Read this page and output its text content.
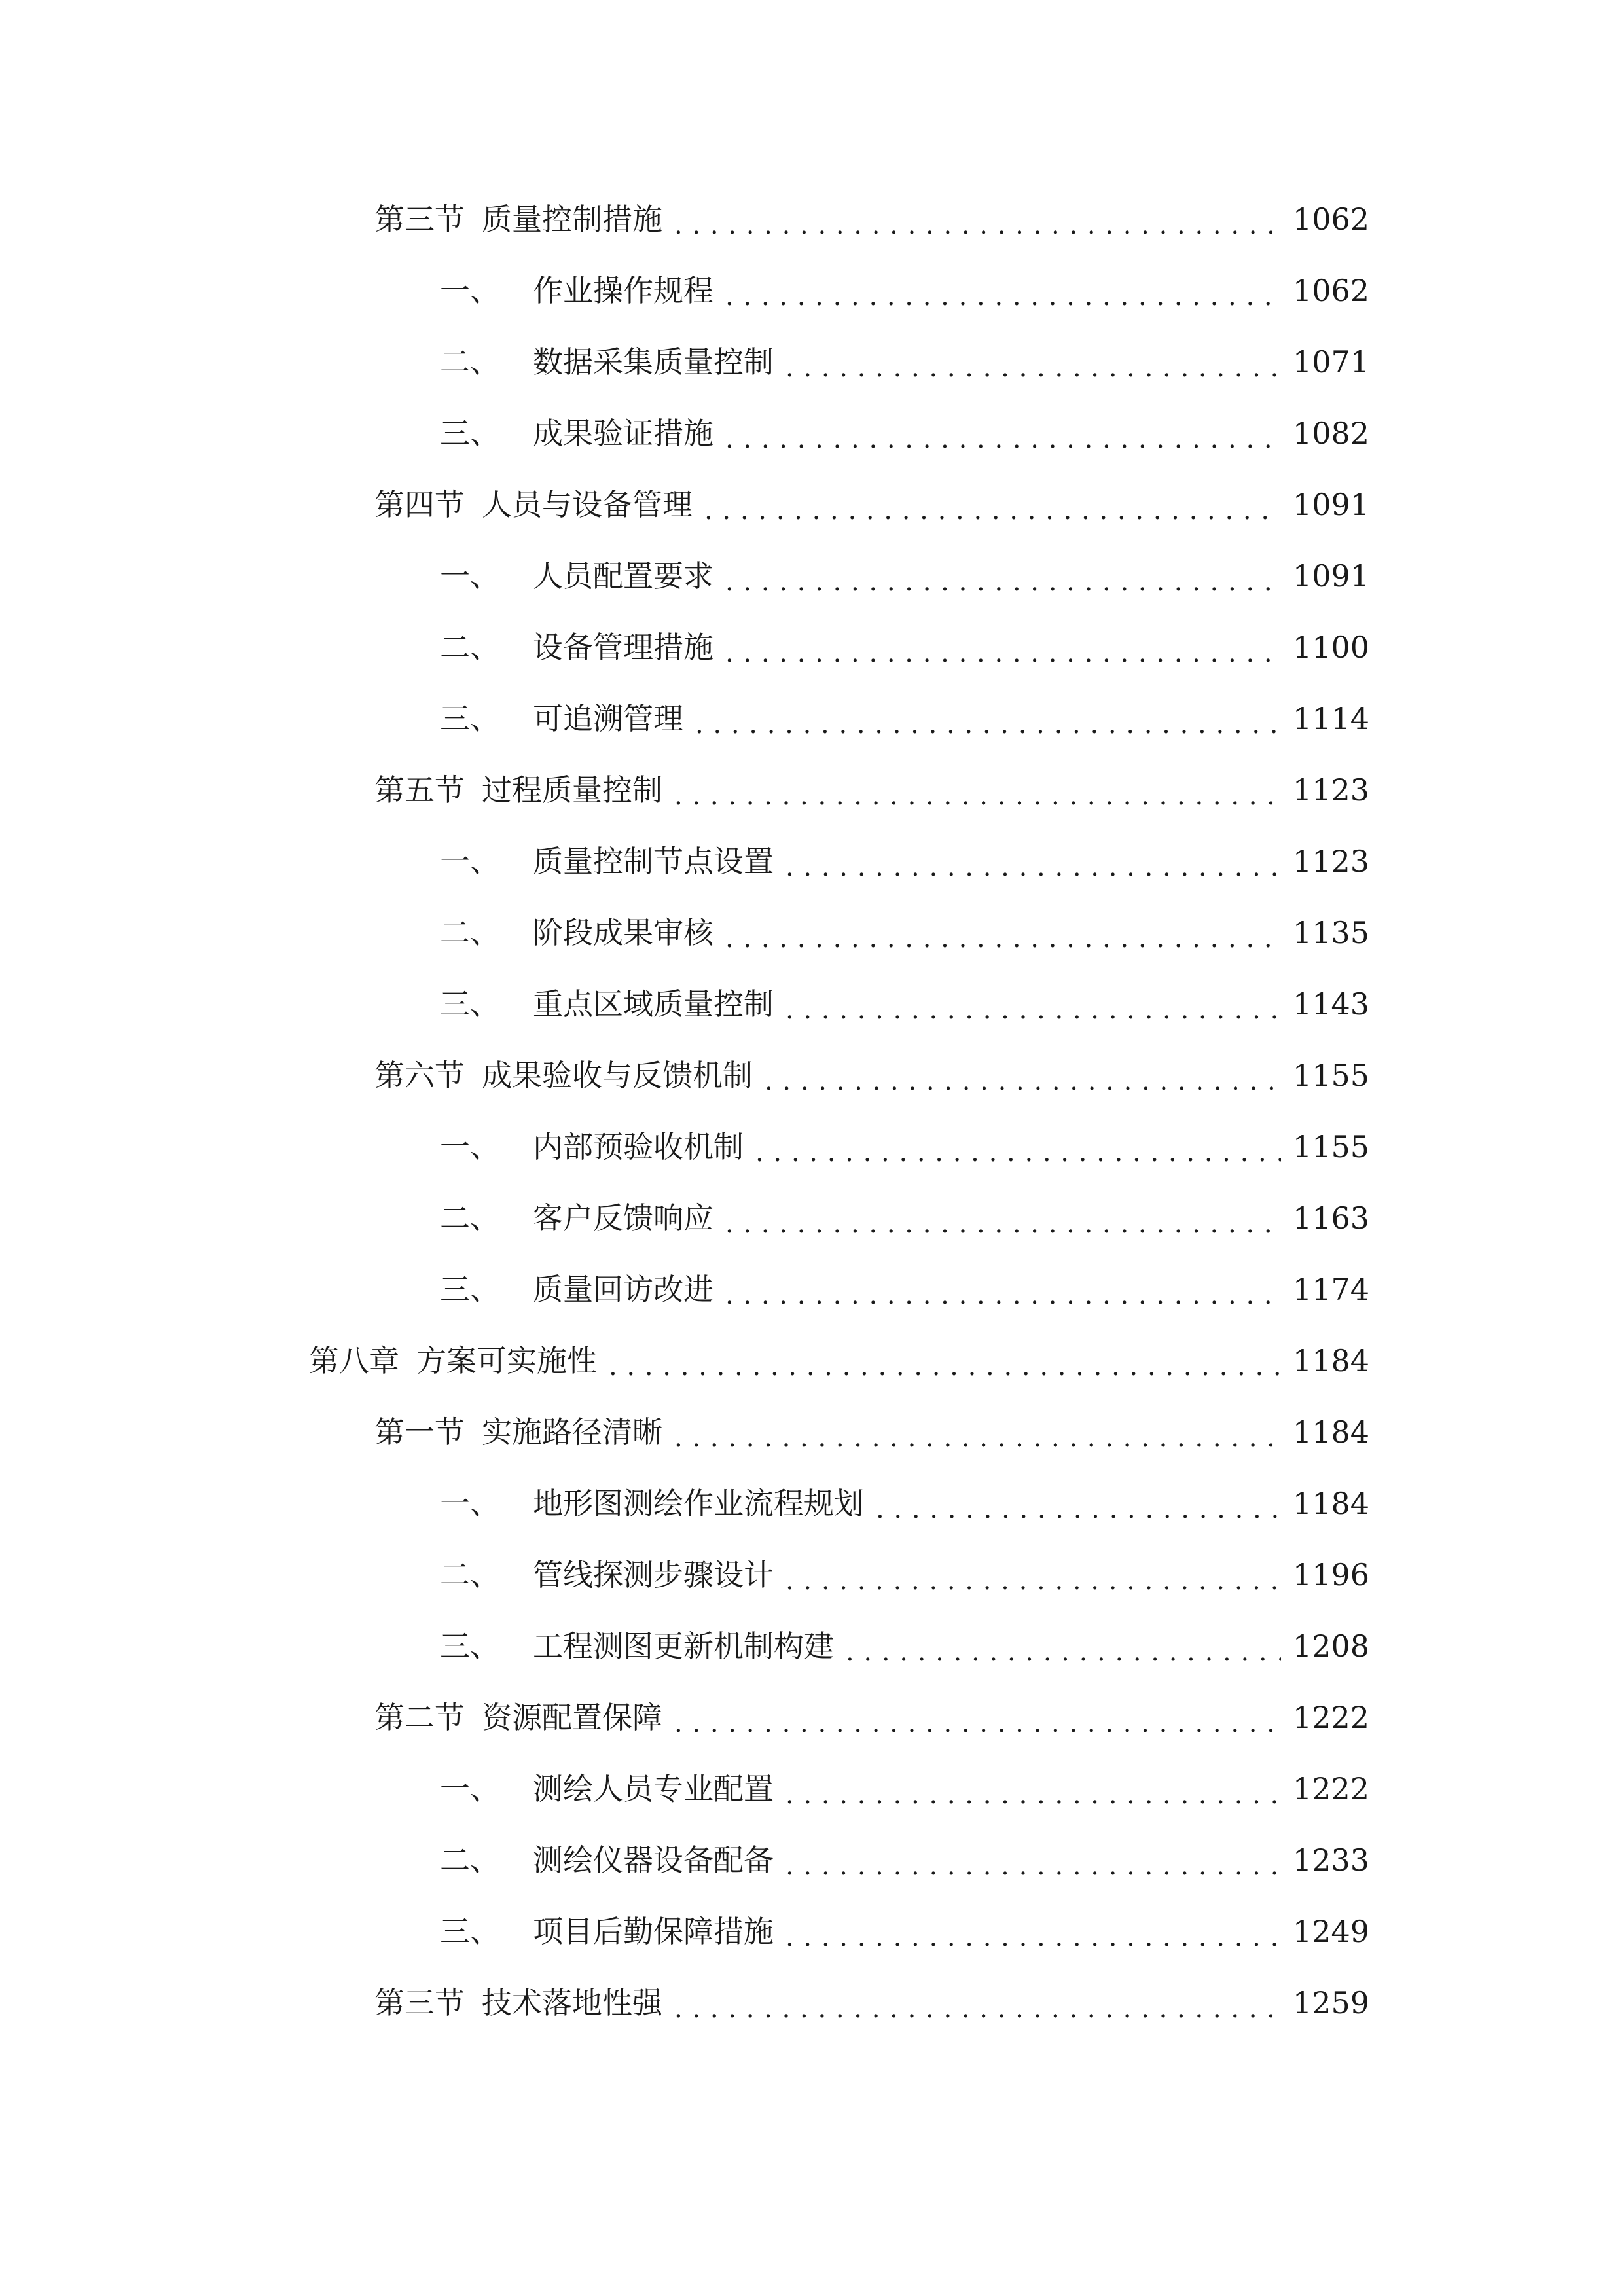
第三节 质量控制措施 . . .	1062
一、 作业操作规程 . . .	1062
二、 数据采集质量控制 . . .	1071
三、 成果验证措施 . . .	1082
第四节 人员与设备管理 . . .	1091
一、 人员配置要求 . . .	1091
二、 设备管理措施 . . .	1100
三、 可追溯管理 . . .	1114
第五节 过程质量控制 . . .	1123
一、 质量控制节点设置 . . .	1123
二、 阶段成果审核 . . .	1135
三、 重点区域质量控制 . . .	1143
第六节 成果验收与反馈机制 . . .	1155
一、 内部预验收机制 . . .	1155
二、 客户反馈响应 . . .	1163
三、 质量回访改进 . . .	1174
第八章 方案可实施性 . . .	1184
第一节 实施路径清晰 . . .	1184
一、 地形图测绘作业流程规划 . . .	1184
二、 管线探测步骤设计 . . .	1196
三、 工程测图更新机制构建 . . .	1208
第二节 资源配置保障 . . .	1222
一、 测绘人员专业配置 . . .	1222
二、 测绘仪器设备配备 . . .	1233
三、 项目后勤保障措施 . . .	1249
第三节 技术落地性强 . . .	1259
